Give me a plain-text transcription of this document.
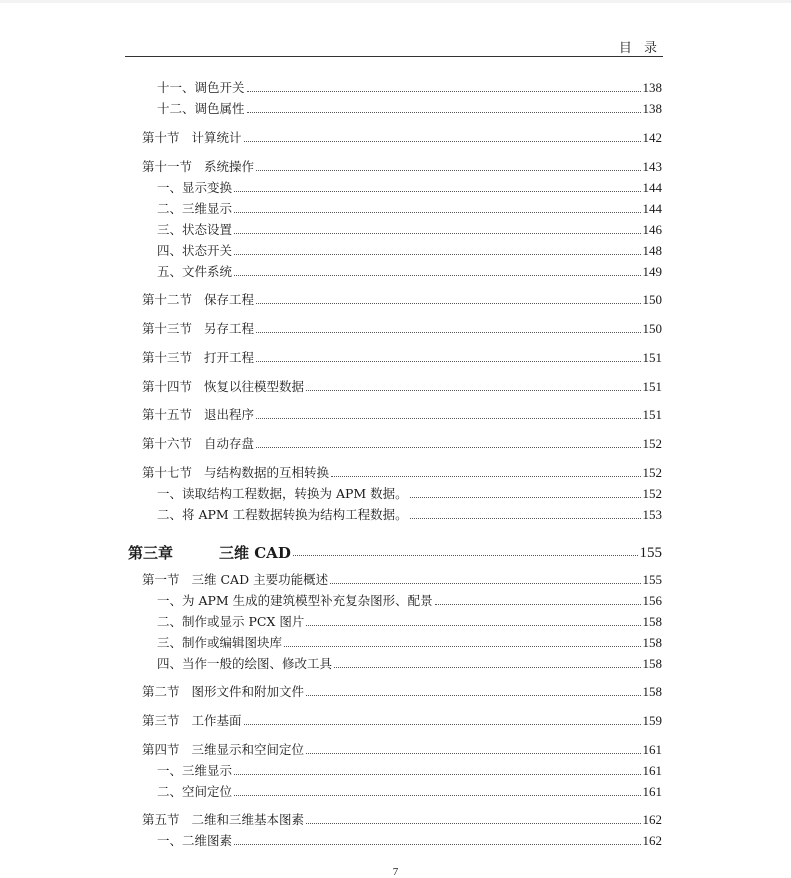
目 录
十一、调色开关	138
十二、调色属性	138
第十节 计算统计	142
第十一节 系统操作	143
一、显示变换	144
二、三维显示	144
三、状态设置	146
四、状态开关	148
五、文件系统	149
第十二节 保存工程	150
第十三节 另存工程	150
第十三节 打开工程	151
第十四节 恢复以往模型数据	151
第十五节 退出程序	151
第十六节 自动存盘	152
第十七节 与结构数据的互相转换	152
一、读取结构工程数据，转换为 APM 数据。	152
二、将 APM 工程数据转换为结构工程数据。	153
第三章	三维 CAD	155
第一节 三维 CAD 主要功能概述	155
一、为 APM 生成的建筑模型补充复杂图形、配景	156
二、制作或显示 PCX 图片	158
三、制作或编辑图块库	158
四、当作一般的绘图、修改工具	158
第二节 图形文件和附加文件	158
第三节 工作基面	159
第四节 三维显示和空间定位	161
一、三维显示	161
二、空间定位	161
第五节 二维和三维基本图素	162
一、二维图素	162
7
